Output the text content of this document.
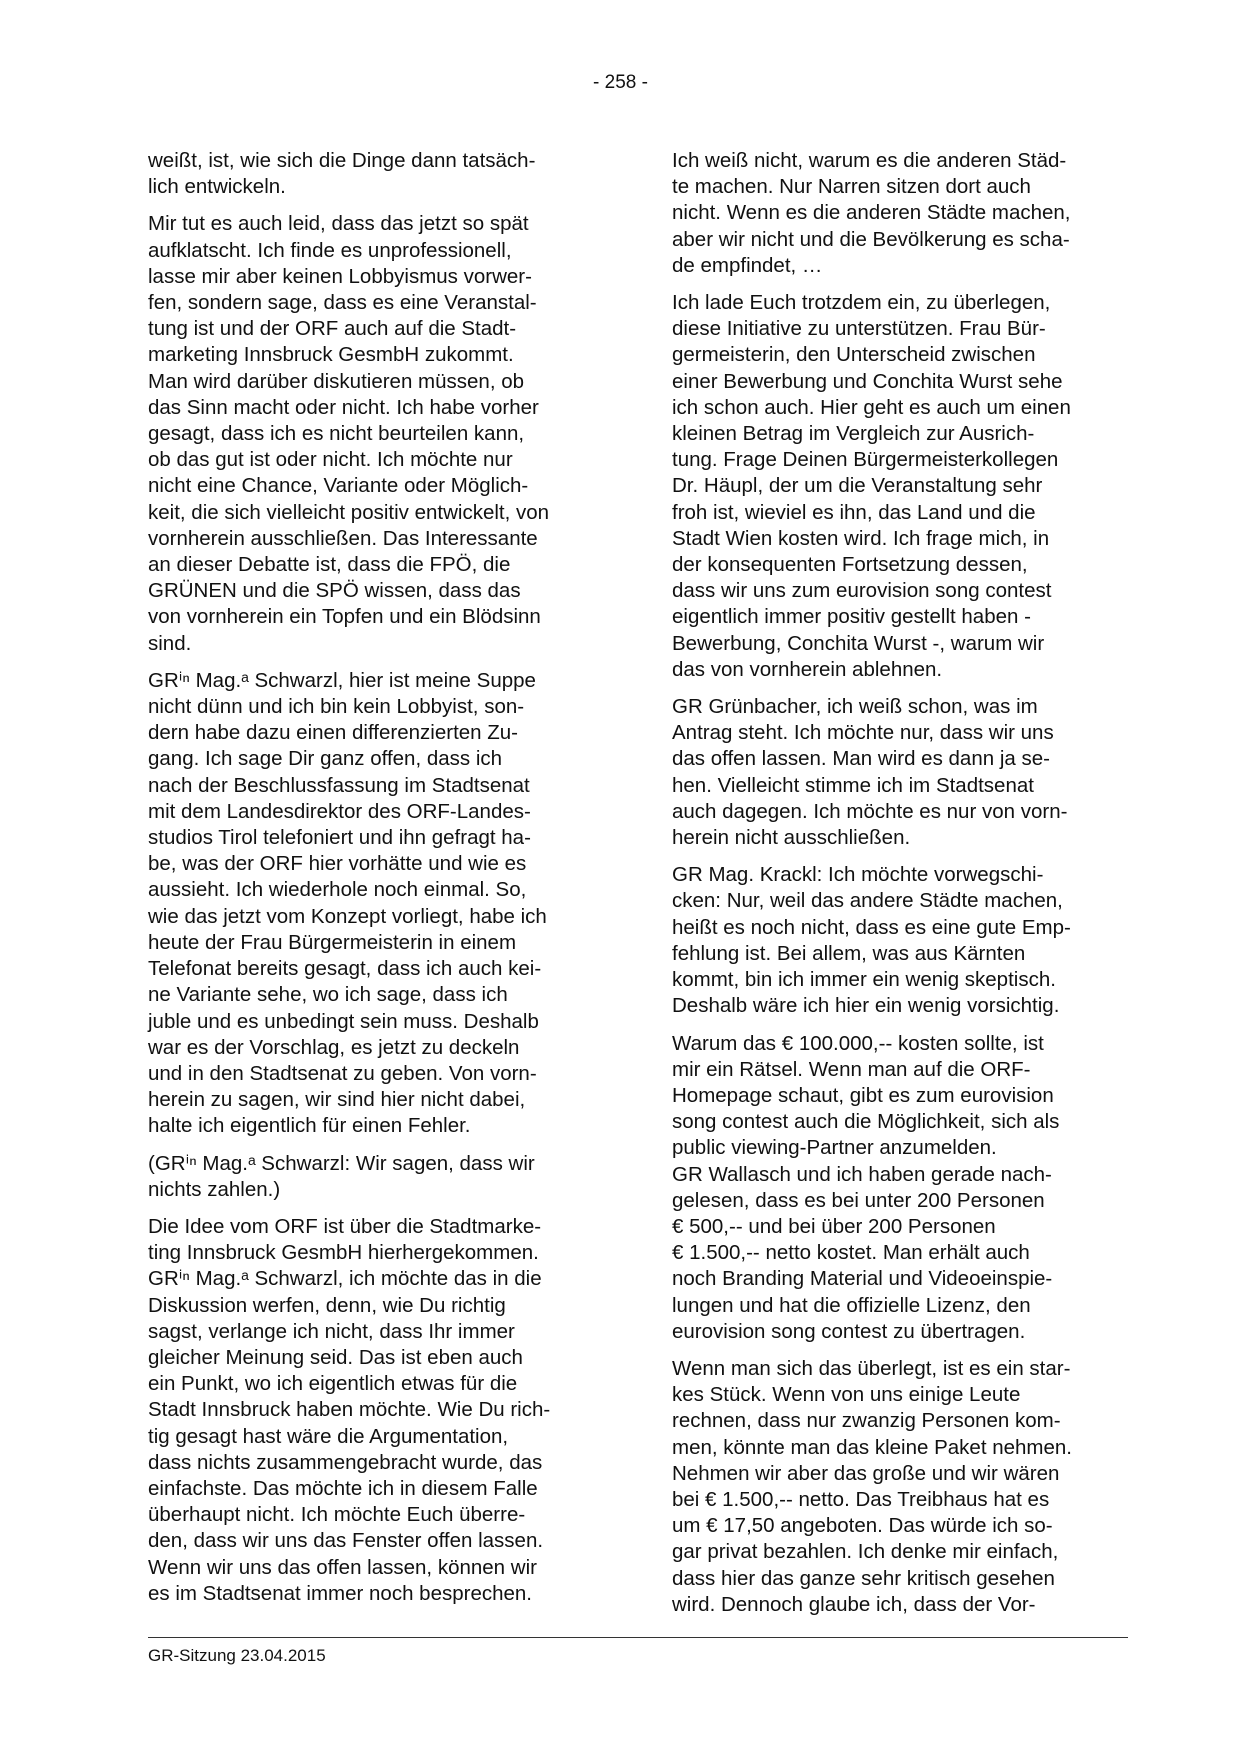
- 258 -
weißt, ist, wie sich die Dinge dann tatsäch-
lich entwickeln.
Mir tut es auch leid, dass das jetzt so spät
aufklatscht. Ich finde es unprofessionell,
lasse mir aber keinen Lobbyismus vorwer-
fen, sondern sage, dass es eine Veranstal-
tung ist und der ORF auch auf die Stadt-
marketing Innsbruck GesmbH zukommt.
Man wird darüber diskutieren müssen, ob
das Sinn macht oder nicht. Ich habe vorher
gesagt, dass ich es nicht beurteilen kann,
ob das gut ist oder nicht. Ich möchte nur
nicht eine Chance, Variante oder Möglich-
keit, die sich vielleicht positiv entwickelt, von
vornherein ausschließen. Das Interessante
an dieser Debatte ist, dass die FPÖ, die
GRÜNEN und die SPÖ wissen, dass das
von vornherein ein Topfen und ein Blödsinn
sind.
GRⁱⁿ Mag.ᵃ Schwarzl, hier ist meine Suppe
nicht dünn und ich bin kein Lobbyist, son-
dern habe dazu einen differenzierten Zu-
gang. Ich sage Dir ganz offen, dass ich
nach der Beschlussfassung im Stadtsenat
mit dem Landesdirektor des ORF-Landes-
studios Tirol telefoniert und ihn gefragt ha-
be, was der ORF hier vorhätte und wie es
aussieht. Ich wiederhole noch einmal. So,
wie das jetzt vom Konzept vorliegt, habe ich
heute der Frau Bürgermeisterin in einem
Telefonat bereits gesagt, dass ich auch kei-
ne Variante sehe, wo ich sage, dass ich
juble und es unbedingt sein muss. Deshalb
war es der Vorschlag, es jetzt zu deckeln
und in den Stadtsenat zu geben. Von vorn-
herein zu sagen, wir sind hier nicht dabei,
halte ich eigentlich für einen Fehler.
(GRⁱⁿ Mag.ᵃ Schwarzl: Wir sagen, dass wir
nichts zahlen.)
Die Idee vom ORF ist über die Stadtmarke-
ting Innsbruck GesmbH hierhergekommen.
GRⁱⁿ Mag.ᵃ Schwarzl, ich möchte das in die
Diskussion werfen, denn, wie Du richtig
sagst, verlange ich nicht, dass Ihr immer
gleicher Meinung seid. Das ist eben auch
ein Punkt, wo ich eigentlich etwas für die
Stadt Innsbruck haben möchte. Wie Du rich-
tig gesagt hast wäre die Argumentation,
dass nichts zusammengebracht wurde, das
einfachste. Das möchte ich in diesem Falle
überhaupt nicht. Ich möchte Euch überre-
den, dass wir uns das Fenster offen lassen.
Wenn wir uns das offen lassen, können wir
es im Stadtsenat immer noch besprechen.
Ich weiß nicht, warum es die anderen Städ-
te machen. Nur Narren sitzen dort auch
nicht. Wenn es die anderen Städte machen,
aber wir nicht und die Bevölkerung es scha-
de empfindet, …
Ich lade Euch trotzdem ein, zu überlegen,
diese Initiative zu unterstützen. Frau Bür-
germeisterin, den Unterscheid zwischen
einer Bewerbung und Conchita Wurst sehe
ich schon auch. Hier geht es auch um einen
kleinen Betrag im Vergleich zur Ausrich-
tung. Frage Deinen Bürgermeisterkollegen
Dr. Häupl, der um die Veranstaltung sehr
froh ist, wieviel es ihn, das Land und die
Stadt Wien kosten wird. Ich frage mich, in
der konsequenten Fortsetzung dessen,
dass wir uns zum eurovision song contest
eigentlich immer positiv gestellt haben -
Bewerbung, Conchita Wurst -, warum wir
das von vornherein ablehnen.
GR Grünbacher, ich weiß schon, was im
Antrag steht. Ich möchte nur, dass wir uns
das offen lassen. Man wird es dann ja se-
hen. Vielleicht stimme ich im Stadtsenat
auch dagegen. Ich möchte es nur von vorn-
herein nicht ausschließen.
GR Mag. Krackl: Ich möchte vorwegschi-
cken: Nur, weil das andere Städte machen,
heißt es noch nicht, dass es eine gute Emp-
fehlung ist. Bei allem, was aus Kärnten
kommt, bin ich immer ein wenig skeptisch.
Deshalb wäre ich hier ein wenig vorsichtig.
Warum das € 100.000,-- kosten sollte, ist
mir ein Rätsel. Wenn man auf die ORF-
Homepage schaut, gibt es zum eurovision
song contest auch die Möglichkeit, sich als
public viewing-Partner anzumelden.
GR Wallasch und ich haben gerade nach-
gelesen, dass es bei unter 200 Personen
€ 500,-- und bei über 200 Personen
€ 1.500,-- netto kostet. Man erhält auch
noch Branding Material und Videoeinspie-
lungen und hat die offizielle Lizenz, den
eurovision song contest zu übertragen.
Wenn man sich das überlegt, ist es ein star-
kes Stück. Wenn von uns einige Leute
rechnen, dass nur zwanzig Personen kom-
men, könnte man das kleine Paket nehmen.
Nehmen wir aber das große und wir wären
bei € 1.500,-- netto. Das Treibhaus hat es
um € 17,50 angeboten. Das würde ich so-
gar privat bezahlen. Ich denke mir einfach,
dass hier das ganze sehr kritisch gesehen
wird. Dennoch glaube ich, dass der Vor-
GR-Sitzung 23.04.2015
